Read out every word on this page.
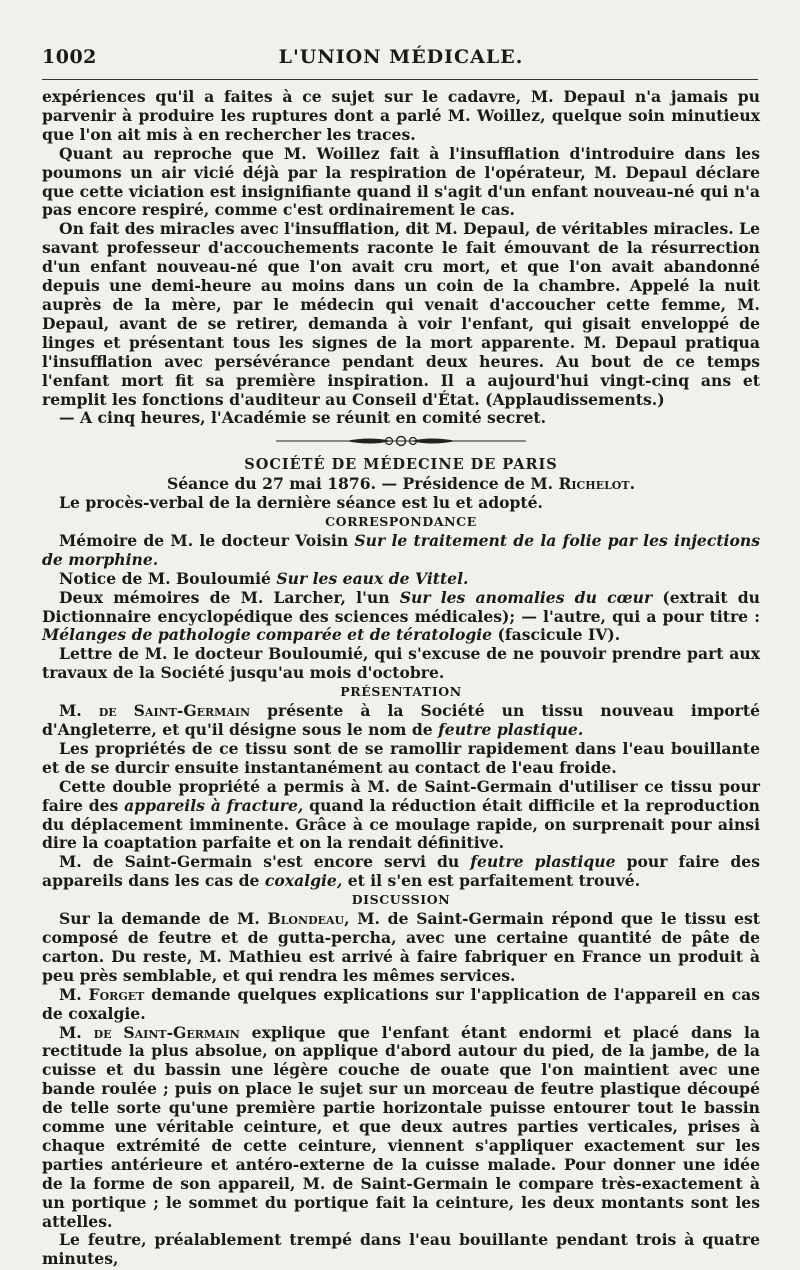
1002	L'UNION MÉDICALE.

expériences qu'il a faites à ce sujet sur le cadavre, M. Depaul n'a jamais pu parvenir à produire les ruptures dont a parlé M. Woillez, quelque soin minutieux que l'on ait mis à en rechercher les traces.

Quant au reproche que M. Woillez fait à l'insufflation d'introduire dans les poumons un air vicié déjà par la respiration de l'opérateur, M. Depaul déclare que cette viciation est insignifiante quand il s'agit d'un enfant nouveau-né qui n'a pas encore respiré, comme c'est ordinairement le cas.

On fait des miracles avec l'insufflation, dit M. Depaul, de véritables miracles. Le savant professeur d'accouchements raconte le fait émouvant de la résurrection d'un enfant nouveau-né que l'on avait cru mort, et que l'on avait abandonné depuis une demi-heure au moins dans un coin de la chambre. Appelé la nuit auprès de la mère, par le médecin qui venait d'accoucher cette femme, M. Depaul, avant de se retirer, demanda à voir l'enfant, qui gisait enveloppé de linges et présentant tous les signes de la mort apparente. M. Depaul pratiqua l'insufflation avec persévérance pendant deux heures. Au bout de ce temps l'enfant mort fit sa première inspiration. Il a aujourd'hui vingt-cinq ans et remplit les fonctions d'auditeur au Conseil d'État. (Applaudissements.)

— A cinq heures, l'Académie se réunit en comité secret.

SOCIÉTÉ DE MÉDECINE DE PARIS

Séance du 27 mai 1876. — Présidence de M. Richelot.

Le procès-verbal de la dernière séance est lu et adopté.

CORRESPONDANCE

Mémoire de M. le docteur Voisin Sur le traitement de la folie par les injections de morphine.

Notice de M. Bouloumié Sur les eaux de Vittel.

Deux mémoires de M. Larcher, l'un Sur les anomalies du cœur (extrait du Dictionnaire encyclopédique des sciences médicales); — l'autre, qui a pour titre : Mélanges de pathologie comparée et de tératologie (fascicule IV).

Lettre de M. le docteur Bouloumié, qui s'excuse de ne pouvoir prendre part aux travaux de la Société jusqu'au mois d'octobre.

PRÉSENTATION

M. de Saint-Germain présente à la Société un tissu nouveau importé d'Angleterre, et qu'il désigne sous le nom de feutre plastique.

Les propriétés de ce tissu sont de se ramollir rapidement dans l'eau bouillante et de se durcir ensuite instantanément au contact de l'eau froide.

Cette double propriété a permis à M. de Saint-Germain d'utiliser ce tissu pour faire des appareils à fracture, quand la réduction était difficile et la reproduction du déplacement imminente. Grâce à ce moulage rapide, on surprenait pour ainsi dire la coaptation parfaite et on la rendait définitive.

M. de Saint-Germain s'est encore servi du feutre plastique pour faire des appareils dans les cas de coxalgie, et il s'en est parfaitement trouvé.

DISCUSSION

Sur la demande de M. Blondeau, M. de Saint-Germain répond que le tissu est composé de feutre et de gutta-percha, avec une certaine quantité de pâte de carton. Du reste, M. Mathieu est arrivé à faire fabriquer en France un produit à peu près semblable, et qui rendra les mêmes services.

M. Forget demande quelques explications sur l'application de l'appareil en cas de coxalgie.

M. de Saint-Germain explique que l'enfant étant endormi et placé dans la rectitude la plus absolue, on applique d'abord autour du pied, de la jambe, de la cuisse et du bassin une légère couche de ouate que l'on maintient avec une bande roulée ; puis on place le sujet sur un morceau de feutre plastique découpé de telle sorte qu'une première partie horizontale puisse entourer tout le bassin comme une véritable ceinture, et que deux autres parties verticales, prises à chaque extrémité de cette ceinture, viennent s'appliquer exactement sur les parties antérieure et antéro-externe de la cuisse malade. Pour donner une idée de la forme de son appareil, M. de Saint-Germain le compare très-exactement à un portique ; le sommet du portique fait la ceinture, les deux montants sont les attelles.

Le feutre, préalablement trempé dans l'eau bouillante pendant trois à quatre minutes,
